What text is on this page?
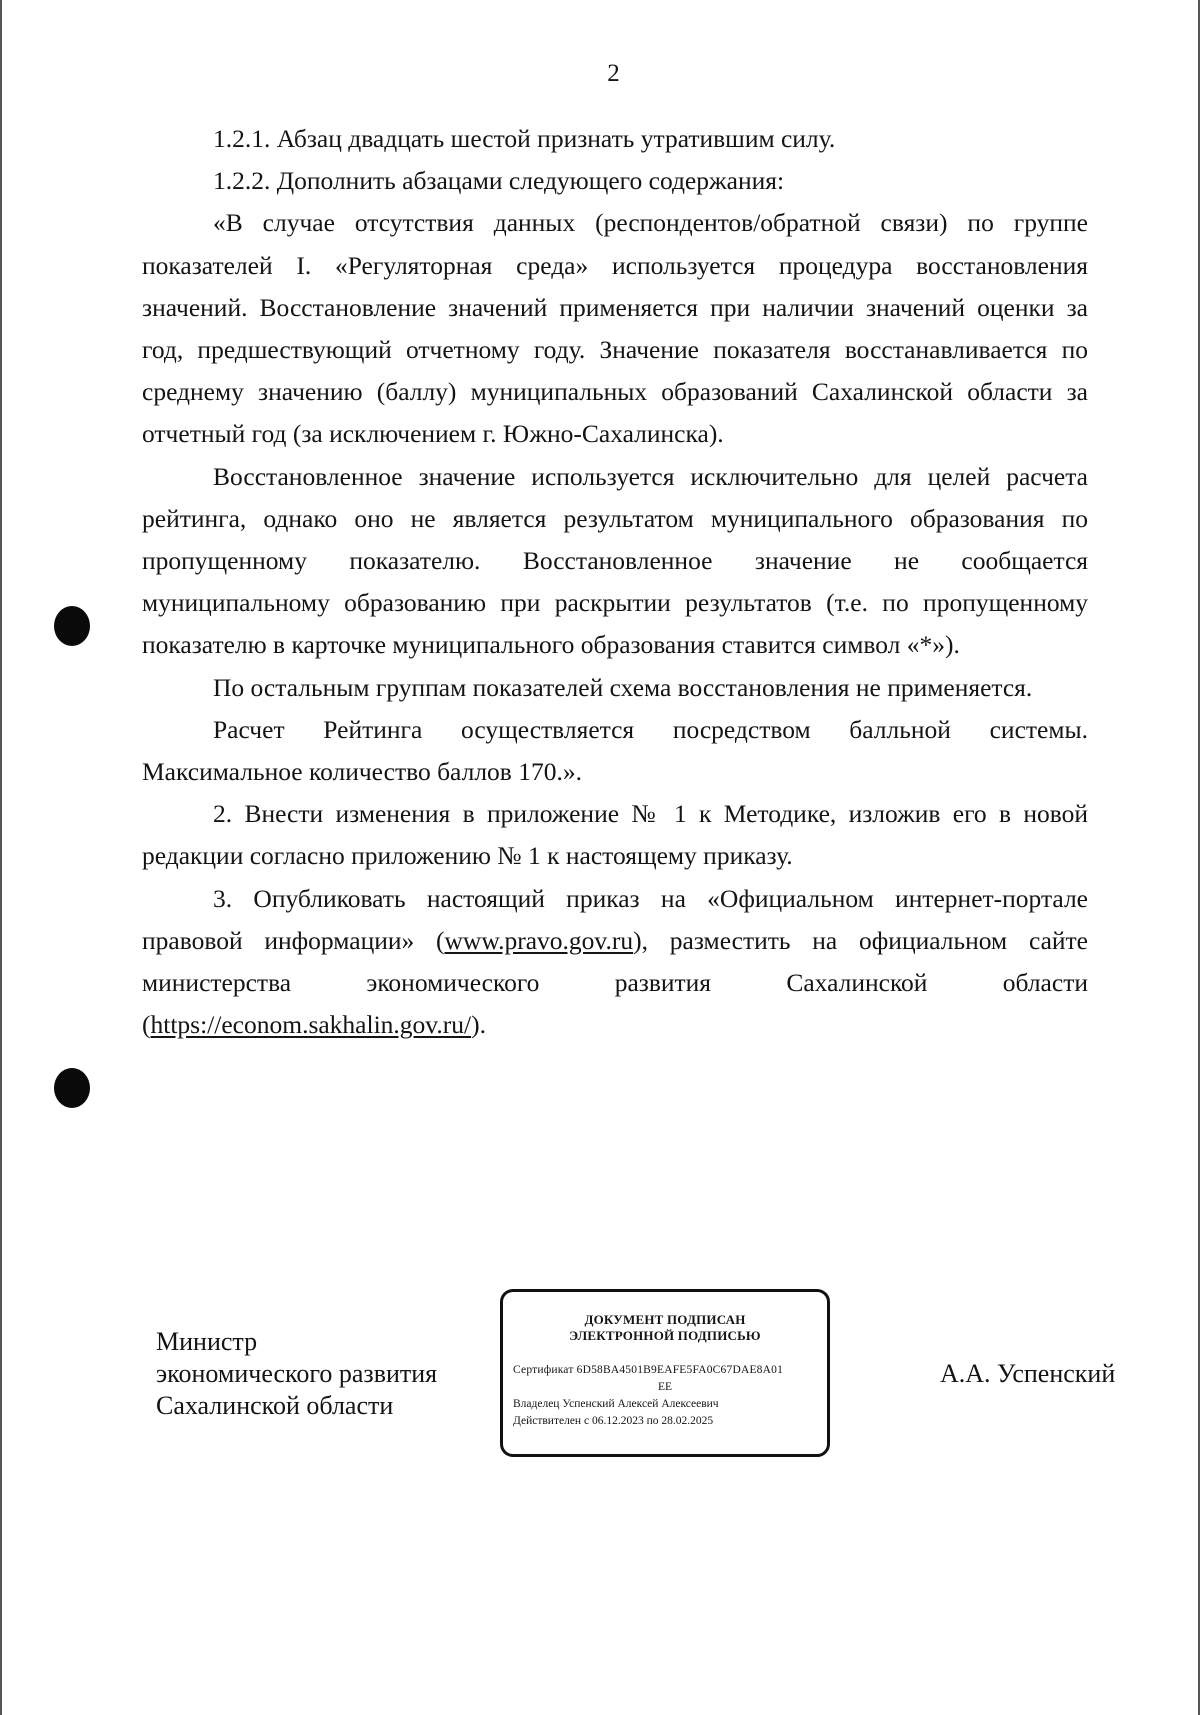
2

1.2.1. Абзац двадцать шестой признать утратившим силу.

1.2.2. Дополнить абзацами следующего содержания:

«В случае отсутствия данных (респондентов/обратной связи) по группе показателей I. «Регуляторная среда» используется процедура восстановления значений. Восстановление значений применяется при наличии значений оценки за год, предшествующий отчетному году. Значение показателя восстанавливается по среднему значению (баллу) муниципальных образований Сахалинской области за отчетный год (за исключением г. Южно-Сахалинска).

Восстановленное значение используется исключительно для целей расчета рейтинга, однако оно не является результатом муниципального образования по пропущенному показателю. Восстановленное значение не сообщается муниципальному образованию при раскрытии результатов (т.е. по пропущенному показателю в карточке муниципального образования ставится символ «*»).

По остальным группам показателей схема восстановления не применяется.

Расчет Рейтинга осуществляется посредством балльной системы. Максимальное количество баллов 170.».

2. Внести изменения в приложение № 1 к Методике, изложив его в новой редакции согласно приложению № 1 к настоящему приказу.

3. Опубликовать настоящий приказ на «Официальном интернет-портале правовой информации» (www.pravo.gov.ru), разместить на официальном сайте министерства экономического развития Сахалинской области (https://econom.sakhalin.gov.ru/).

Министр
экономического развития
Сахалинской области
ДОКУМЕНТ ПОДПИСАН
ЭЛЕКТРОННОЙ ПОДПИСЬЮ
Сертификат 6D58BA4501B9EAFE5FA0C67DAE8A01
EE
Владелец Успенский Алексей Алексеевич
Действителен с 06.12.2023 по 28.02.2025
А.А. Успенский
